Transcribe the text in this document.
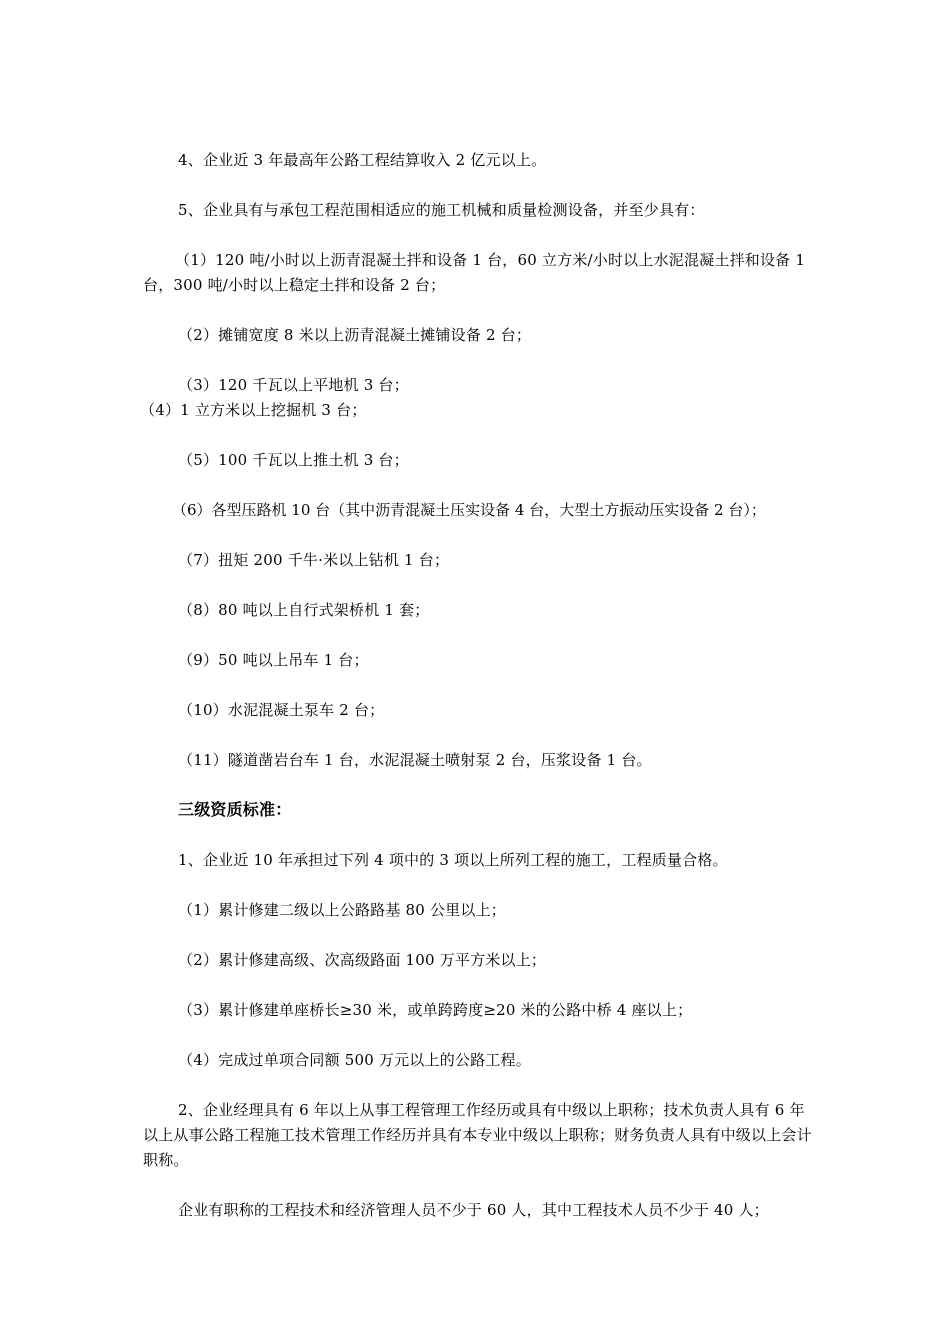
4、企业近 3 年最高年公路工程结算收入 2 亿元以上。
5、企业具有与承包工程范围相适应的施工机械和质量检测设备，并至少具有：
（1）120 吨/小时以上沥青混凝土拌和设备 1 台，60 立方米/小时以上水泥混凝土拌和设备 1 台，300 吨/小时以上稳定土拌和设备 2 台；
（2）摊铺宽度 8 米以上沥青混凝土摊铺设备 2 台；
（3）120 千瓦以上平地机 3 台；
（4）1 立方米以上挖掘机 3 台；
（5）100 千瓦以上推土机 3 台；
（6）各型压路机 10 台（其中沥青混凝土压实设备 4 台，大型土方振动压实设备 2 台）；
（7）扭矩 200 千牛·米以上钻机 1 台；
（8）80 吨以上自行式架桥机 1 套；
（9）50 吨以上吊车 1 台；
（10）水泥混凝土泵车 2 台；
（11）隧道凿岩台车 1 台，水泥混凝土喷射泵 2 台，压浆设备 1 台。
三级资质标准：
1、企业近 10 年承担过下列 4 项中的 3 项以上所列工程的施工，工程质量合格。
（1）累计修建二级以上公路路基 80 公里以上；
（2）累计修建高级、次高级路面 100 万平方米以上；
（3）累计修建单座桥长≥30 米，或单跨跨度≥20 米的公路中桥 4 座以上；
（4）完成过单项合同额 500 万元以上的公路工程。
2、企业经理具有 6 年以上从事工程管理工作经历或具有中级以上职称；技术负责人具有 6 年以上从事公路工程施工技术管理工作经历并具有本专业中级以上职称；财务负责人具有中级以上会计职称。
企业有职称的工程技术和经济管理人员不少于 60 人，其中工程技术人员不少于 40 人；
